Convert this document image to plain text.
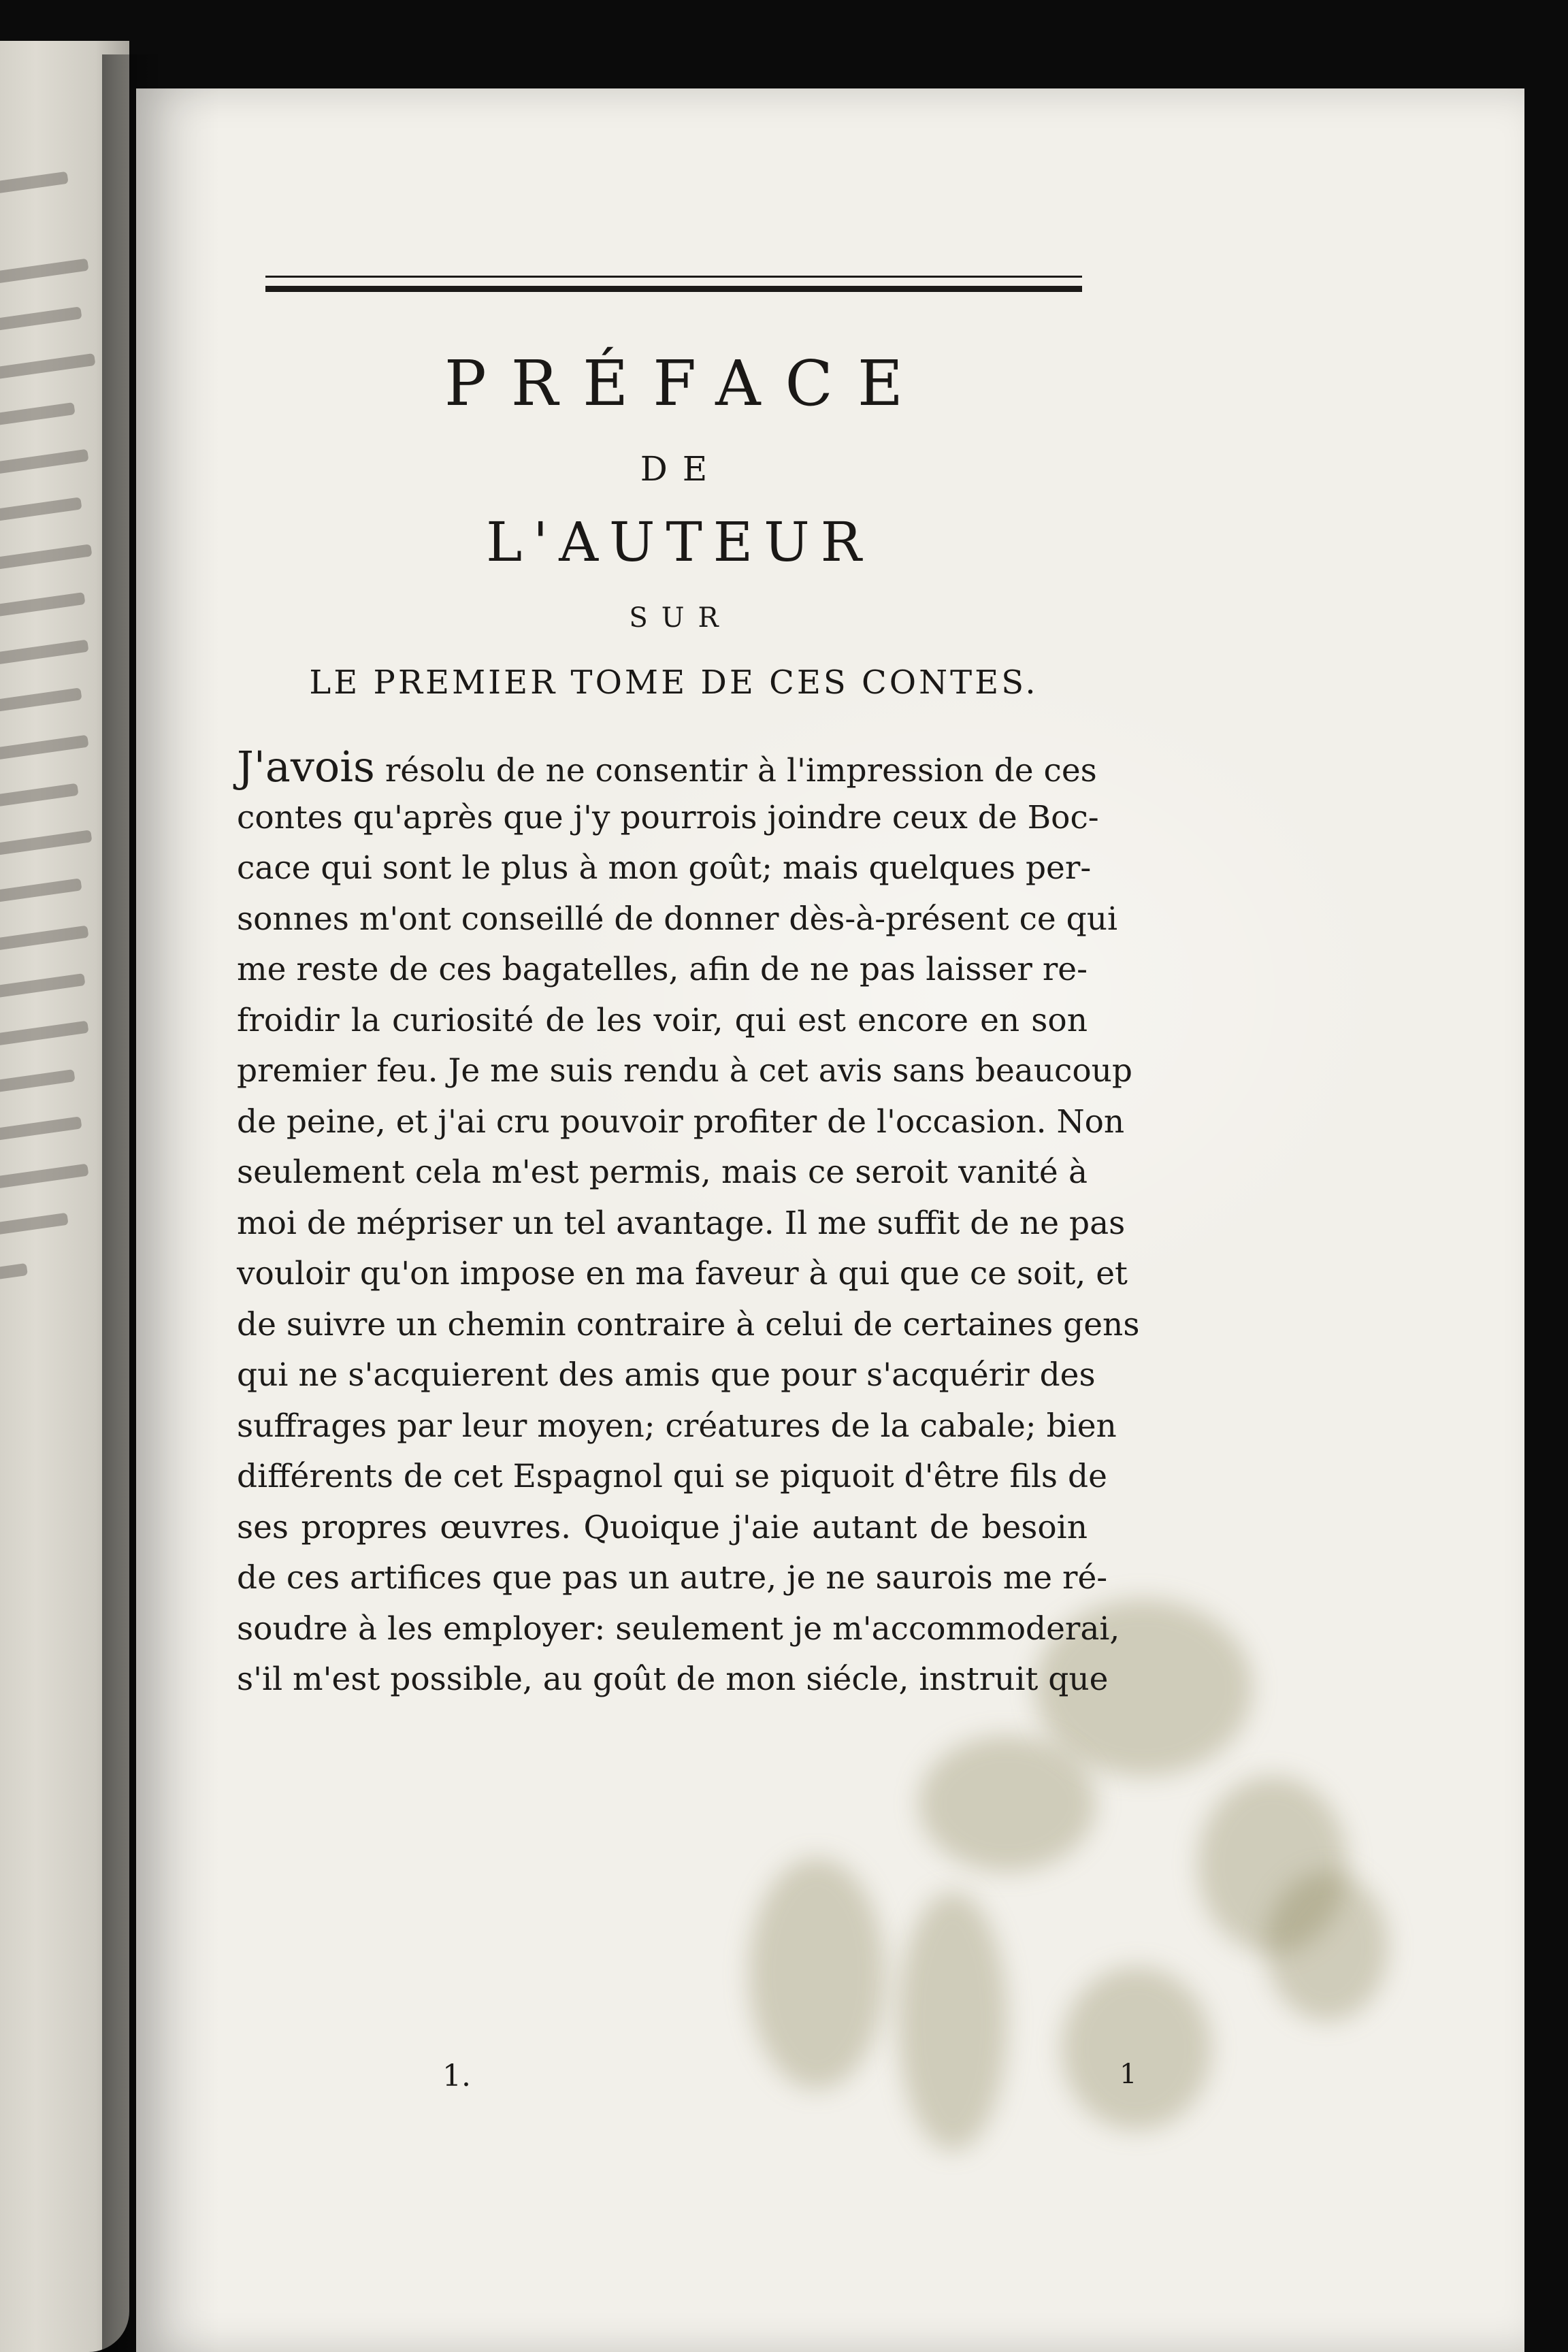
PRÉFACE
DE
L'AUTEUR
SUR
LE PREMIER TOME DE CES CONTES.
J'avois résolu de ne consentir à l'impression de ces
contes qu'après que j'y pourrois joindre ceux de Boc-
cace qui sont le plus à mon goût; mais quelques per-
sonnes m'ont conseillé de donner dès-à-présent ce qui
me reste de ces bagatelles, afin de ne pas laisser re-
froidir la curiosité de les voir, qui est encore en son
premier feu. Je me suis rendu à cet avis sans beaucoup
de peine, et j'ai cru pouvoir profiter de l'occasion. Non
seulement cela m'est permis, mais ce seroit vanité à
moi de mépriser un tel avantage. Il me suffit de ne pas
vouloir qu'on impose en ma faveur à qui que ce soit, et
de suivre un chemin contraire à celui de certaines gens
qui ne s'acquierent des amis que pour s'acquérir des
suffrages par leur moyen; créatures de la cabale; bien
différents de cet Espagnol qui se piquoit d'être fils de
ses propres œuvres. Quoique j'aie autant de besoin
de ces artifices que pas un autre, je ne saurois me ré-
soudre à les employer: seulement je m'accommoderai,
s'il m'est possible, au goût de mon siécle, instruit que
1.	1
